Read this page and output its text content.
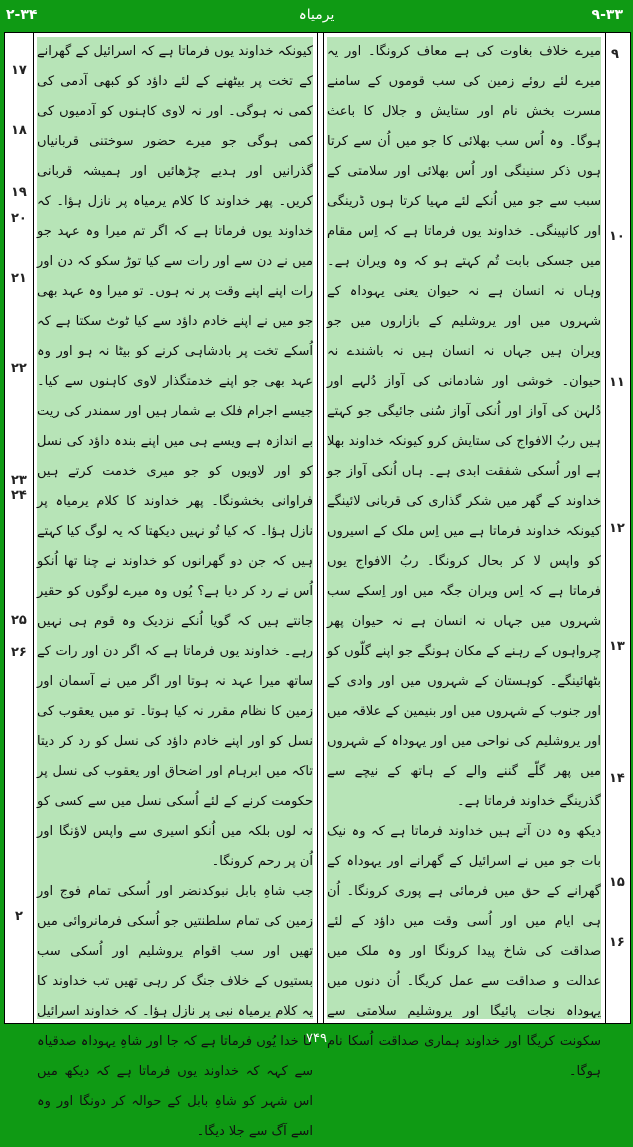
۲-۳۴	یرمیاہ	۹-۳۳

کیونکہ خداوند یوں فرماتا ہے کہ اسرائیل کے گھرانے کے تخت پر بیٹھنے کے لئے داؤد کو کبھی آدمی کی کمی نہ ہوگی۔ اور نہ لاوی کاہنوں کو آدمیوں کی کمی ہوگی جو میرے حضور سوختنی قربانیاں گذرانیں اور ہدیے چڑھائیں اور ہمیشہ قربانی کریں۔ پھر خداوند کا کلام یرمیاہ پر نازل ہؤا۔ کہ خداوند یوں فرماتا ہے کہ اگر تم میرا وہ عہد جو میں نے دن سے اور رات سے کیا توڑ سکو کہ دن اور رات اپنے اپنے وقت پر نہ ہوں۔ تو میرا وہ عہد بھی جو میں نے اپنے خادم داؤد سے کیا ٹوٹ سکتا ہے کہ اُسکے تخت پر بادشاہی کرنے کو بیٹا نہ ہو اور وہ عہد بھی جو اپنے خدمتگذار لاوی کاہنوں سے کیا۔ جیسے اجرام فلک بے شمار ہیں اور سمندر کی ریت بے اندازہ ہے ویسے ہی میں اپنے بندہ داؤد کی نسل کو اور لاویوں کو جو میری خدمت کرتے ہیں فراوانی بخشونگا۔ پھر خداوند کا کلام یرمیاہ پر نازل ہؤا۔ کہ کیا تُو نہیں دیکھتا کہ یہ لوگ کیا کہتے ہیں کہ جن دو گھرانوں کو خداوند نے چنا تھا اُنکو اُس نے رد کر دیا ہے؟ یُوں وہ میرے لوگوں کو حقیر جانتے ہیں کہ گویا اُنکے نزدیک وہ قوم ہی نہیں رہے۔ خداوند یوں فرماتا ہے کہ اگر دن اور رات کے ساتھ میرا عہد نہ ہوتا اور اگر میں نے آسمان اور زمین کا نظام مقرر نہ کیا ہوتا۔ تو میں یعقوب کی نسل کو اور اپنے خادم داؤد کی نسل کو رد کر دیتا تاکہ میں ابرہام اور اضحاق اور یعقوب کی نسل پر حکومت کرنے کے لئے اُسکی نسل میں سے کسی کو نہ لوں بلکہ میں اُنکو اسیری سے واپس لاؤنگا اور اُن پر رحم کرونگا۔

جب شاہِ بابل نبوکدنضر اور اُسکی تمام فوج اور زمین کی تمام سلطنتیں جو اُسکی فرمانروائی میں تھیں اور سب اقوام یروشلیم اور اُسکی سب بستیوں کے خلاف جنگ کر رہی تھیں تب خداوند کا یہ کلام یرمیاہ نبی پر نازل ہؤا۔ کہ خداوند اسرائیل کا خدا یُوں فرماتا ہے کہ جا اور شاہِ یہوداہ صدقیاہ سے کہہ کہ خداوند یوں فرماتا ہے کہ دیکھ میں اس شہر کو شاہِ بابل کے حوالہ کر دونگا اور وہ اسے آگ سے جلا دیگا۔

میرے خلاف بغاوت کی ہے معاف کرونگا۔ اور یہ میرے لئے روئے زمین کی سب قوموں کے سامنے مسرت بخش نام اور ستایش و جلال کا باعث ہوگا۔ وہ اُس سب بھلائی کا جو میں اُن سے کرتا ہوں ذکر سنینگی اور اُس بھلائی اور سلامتی کے سبب سے جو میں اُنکے لئے مہیا کرتا ہوں ڈرینگی اور کانپینگی۔ خداوند یوں فرماتا ہے کہ اِس مقام میں جسکی بابت تُم کہتے ہو کہ وہ ویران ہے۔ وہاں نہ انسان ہے نہ حیوان یعنی یہوداہ کے شہروں میں اور یروشلیم کے بازاروں میں جو ویران ہیں جہاں نہ انسان ہیں نہ باشندے نہ حیوان۔ خوشی اور شادمانی کی آواز دُلہے اور دُلہن کی آواز اور اُنکی آواز سُنی جائیگی جو کہتے ہیں ربُ الافواج کی ستایش کرو کیونکہ خداوند بھلا ہے اور اُسکی شفقت ابدی ہے۔ ہاں اُنکی آواز جو خداوند کے گھر میں شکر گذاری کی قربانی لائینگے کیونکہ خداوند فرماتا ہے میں اِس ملک کے اسیروں کو واپس لا کر بحال کرونگا۔ ربُ الافواج یوں فرماتا ہے کہ اِس ویران جگہ میں اور اِسکے سب شہروں میں جہاں نہ انسان ہے نہ حیوان پھر چرواہوں کے رہنے کے مکان ہونگے جو اپنے گلّوں کو بٹھائینگے۔ کوہستان کے شہروں میں اور وادی کے اور جنوب کے شہروں میں اور بنیمین کے علاقہ میں اور یروشلیم کی نواحی میں اور یہوداہ کے شہروں میں پھر گلّے گننے والے کے ہاتھ کے نیچے سے گذرینگے خداوند فرماتا ہے۔

دیکھ وہ دن آتے ہیں خداوند فرماتا ہے کہ وہ نیک بات جو میں نے اسرائیل کے گھرانے اور یہوداہ کے گھرانے کے حق میں فرمائی ہے پوری کرونگا۔ اُن ہی ایام میں اور اُسی وقت میں داؤد کے لئے صداقت کی شاخ پیدا کرونگا اور وہ ملک میں عدالت و صداقت سے عمل کریگا۔ اُن دنوں میں یہوداہ نجات پائیگا اور یروشلیم سلامتی سے سکونت کریگا اور خداوند ہماری صداقت اُسکا نام ہوگا۔

۱۷
۱۸
۱۹
۲۰
۲۱
۲۲
۲۳
۲۴
۲۵
۲۶
۲
۹
۱۰
۱۱
۱۲
۱۳
۱۴
۱۵
۱۶
۷۴۹
